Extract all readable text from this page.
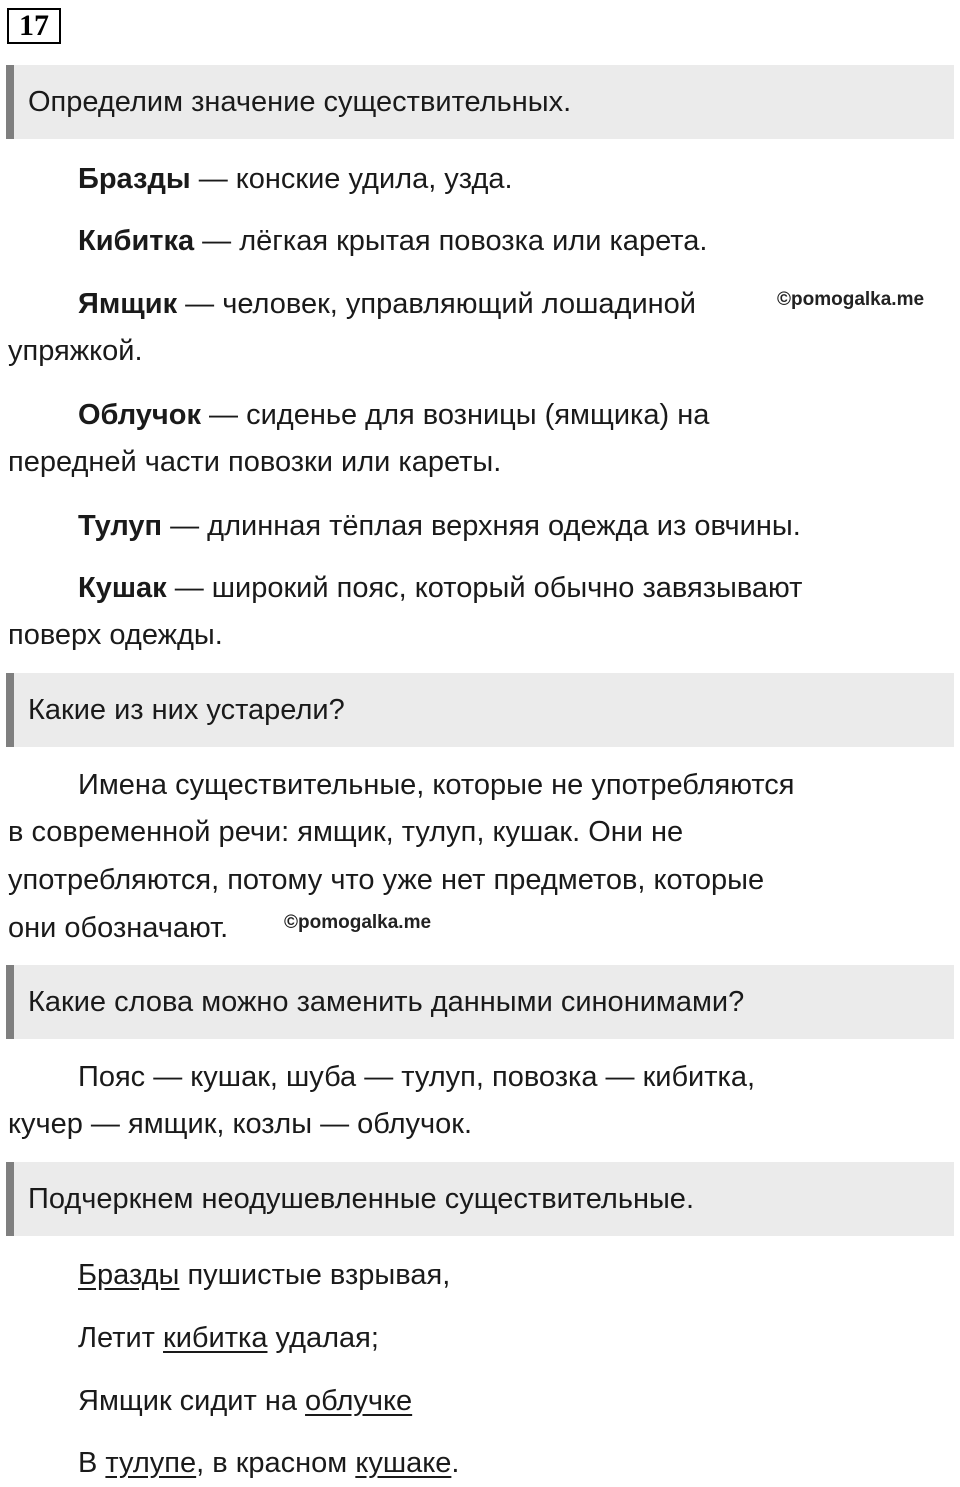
17
Определим значение существительных.

Бразды — конские удила, узда.

Кибитка — лёгкая крытая повозка или карета.

Ямщик — человек, управляющий лошадиной

упряжкой.

©pomogalka.me

Облучок — сиденье для возницы (ямщика) на

передней части повозки или кареты.

Тулуп — длинная тёплая верхняя одежда из овчины.

Кушак — широкий пояс, который обычно завязывают

поверх одежды.

Какие из них устарели?

Имена существительные, которые не употребляются

в современной речи: ямщик, тулуп, кушак. Они не

употребляются, потому что уже нет предметов, которые

они обозначают.	©pomogalka.me
Какие слова можно заменить данными синонимами?

Пояс — кушак, шуба — тулуп, повозка — кибитка,

кучер — ямщик, козлы — облучок.

Подчеркнем неодушевленные существительные.

Бразды пушистые взрывая,

Летит кибитка удалая;

Ямщик сидит на облучке

В тулупе, в красном кушаке.
